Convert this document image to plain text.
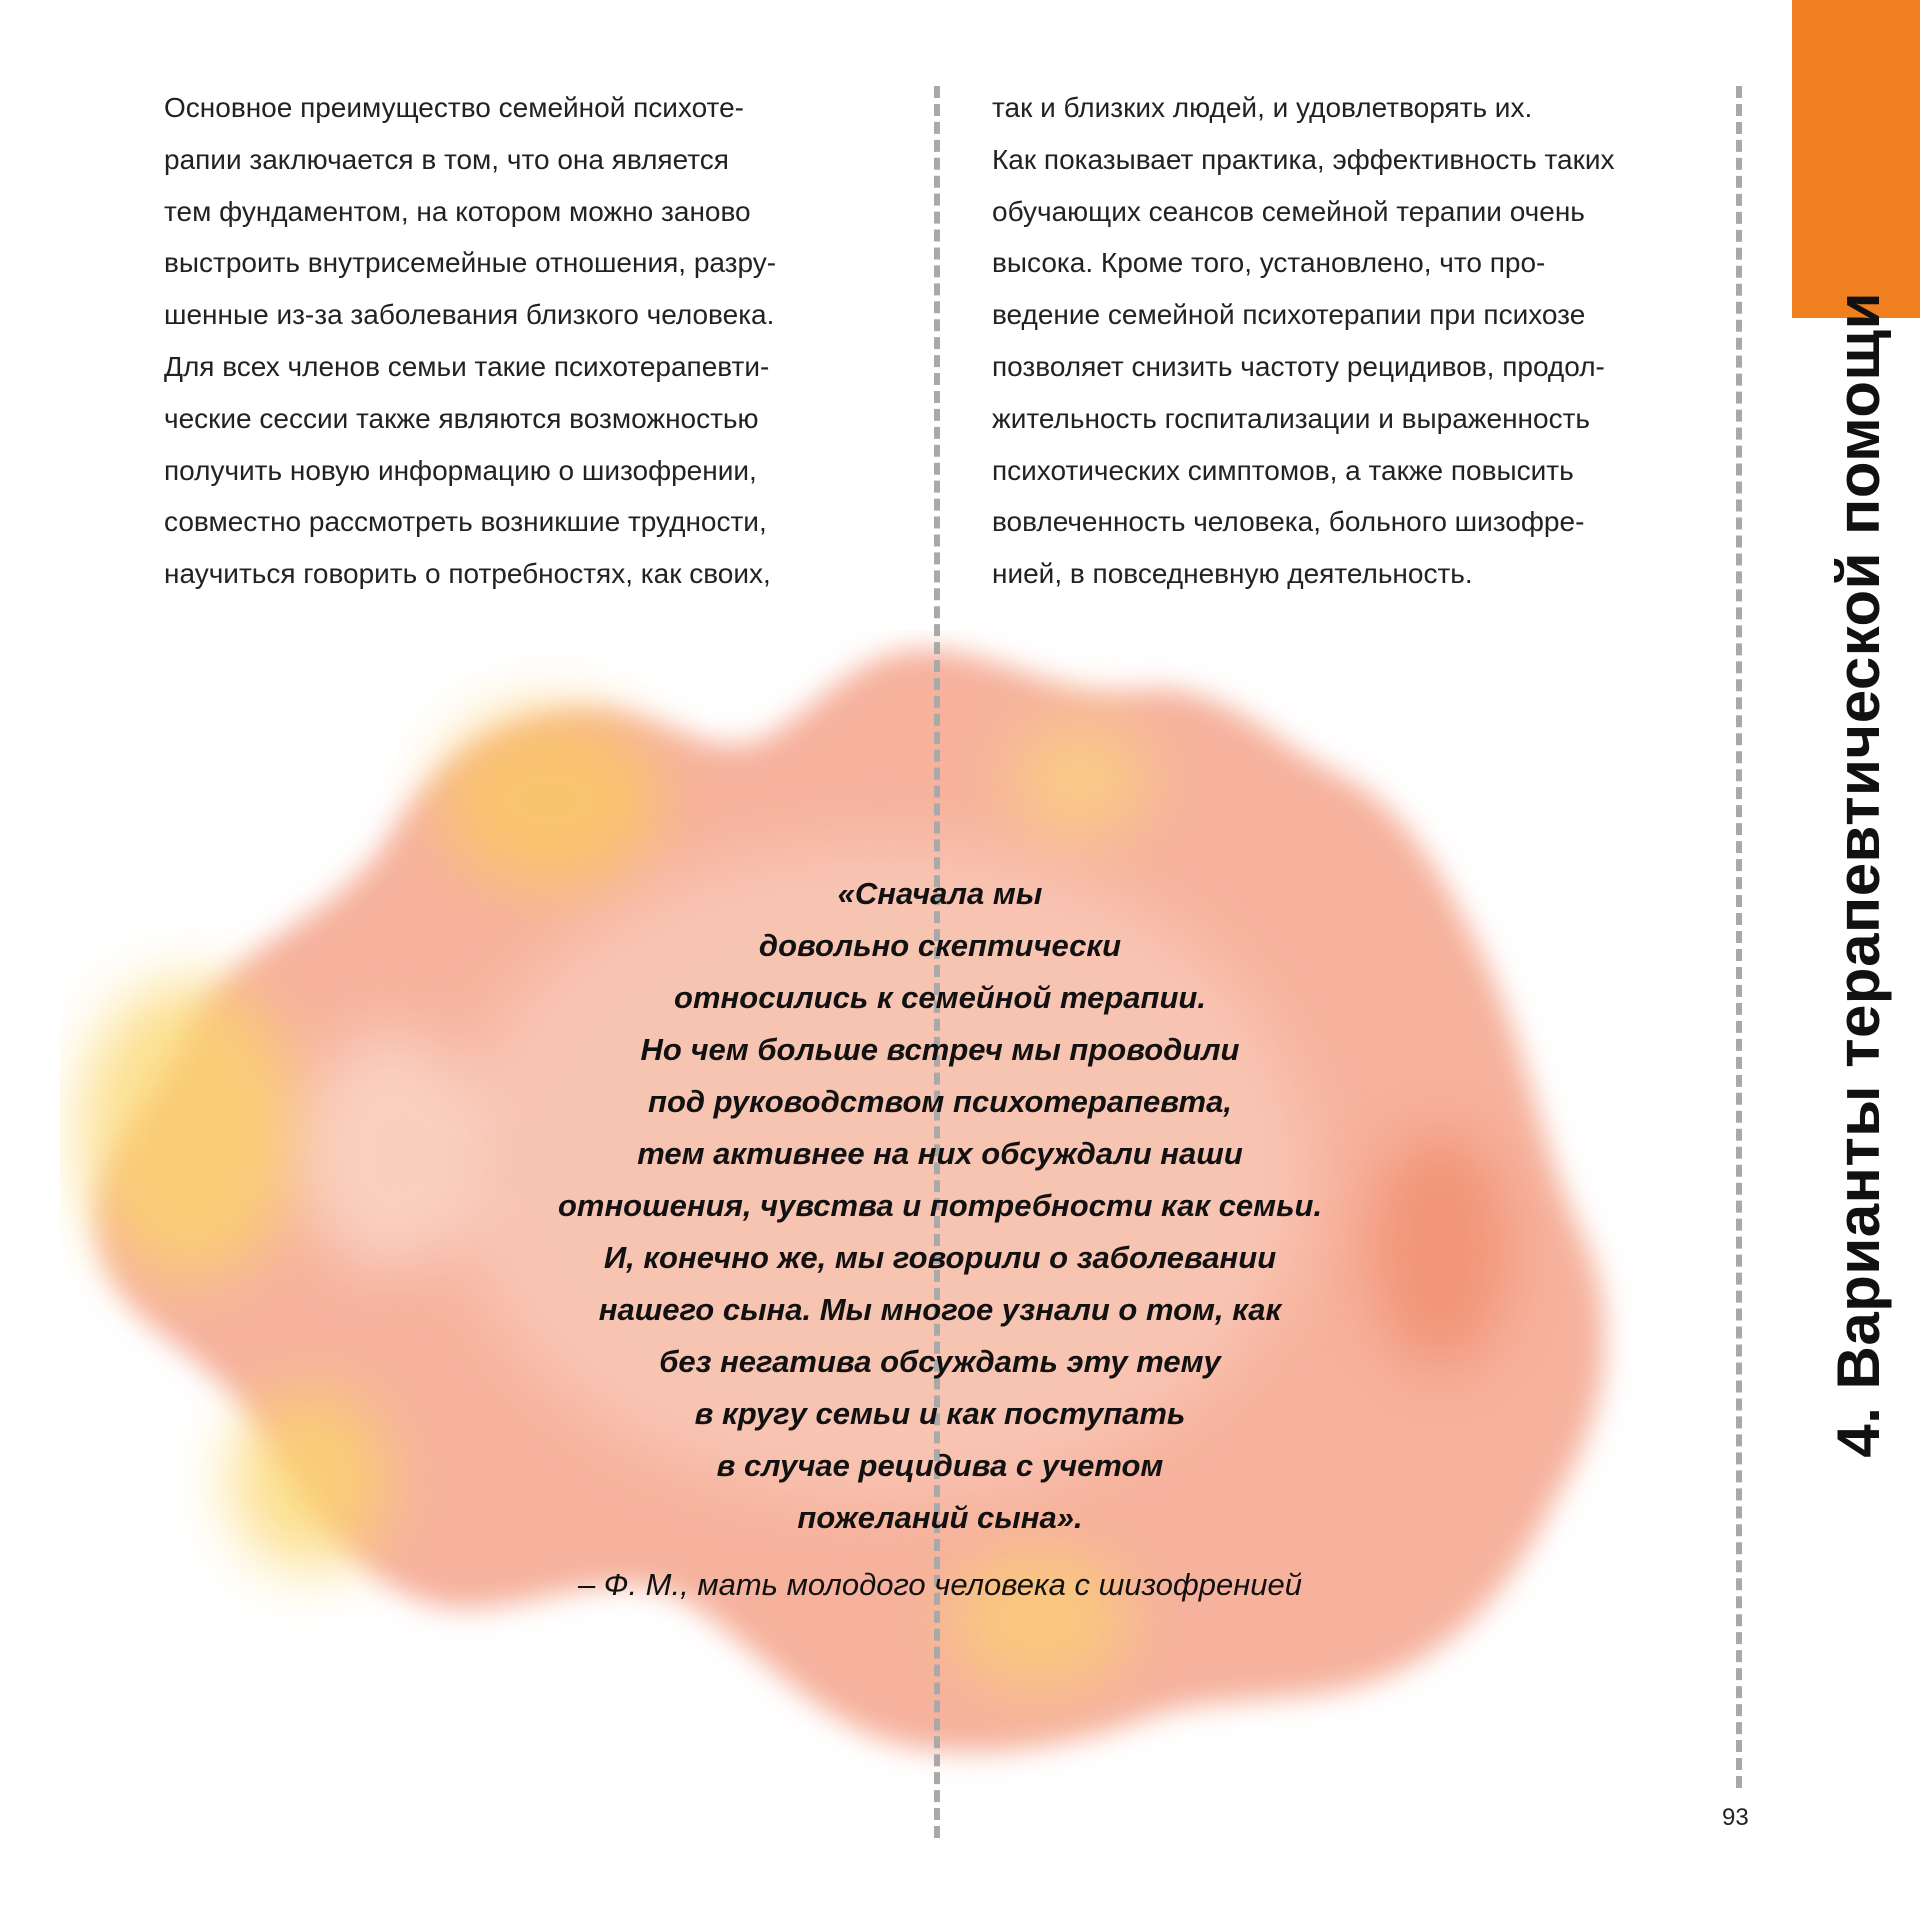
Основное преимущество семейной психоте-
рапии заключается в том, что она является
тем фундаментом, на котором можно заново
выстроить внутрисемейные отношения, разру-
шенные из-за заболевания близкого человека.
Для всех членов семьи такие психотерапевти-
ческие сессии также являются возможностью
получить новую информацию о шизофрении,
совместно рассмотреть возникшие трудности,
научиться говорить о потребностях, как своих,
так и близких людей, и удовлетворять их.
Как показывает практика, эффективность таких
обучающих сеансов семейной терапии очень
высока. Кроме того, установлено, что про-
ведение семейной психотерапии при психозе
позволяет снизить частоту рецидивов, продол-
жительность госпитализации и выраженность
психотических симптомов, а также повысить
вовлеченность человека, больного шизофре-
нией, в повседневную деятельность.
«Сначала мы
довольно скептически
относились к семейной терапии.
Но чем больше встреч мы проводили
под руководством психотерапевта,
тем активнее на них обсуждали наши
отношения, чувства и потребности как семьи.
И, конечно же, мы говорили о заболевании
нашего сына. Мы многое узнали о том, как
без негатива обсуждать эту тему
в кругу семьи и как поступать
в случае рецидива с учетом
пожеланий сына».
– Ф. М., мать молодого человека с шизофренией
4. Варианты терапевтической помощи
93
